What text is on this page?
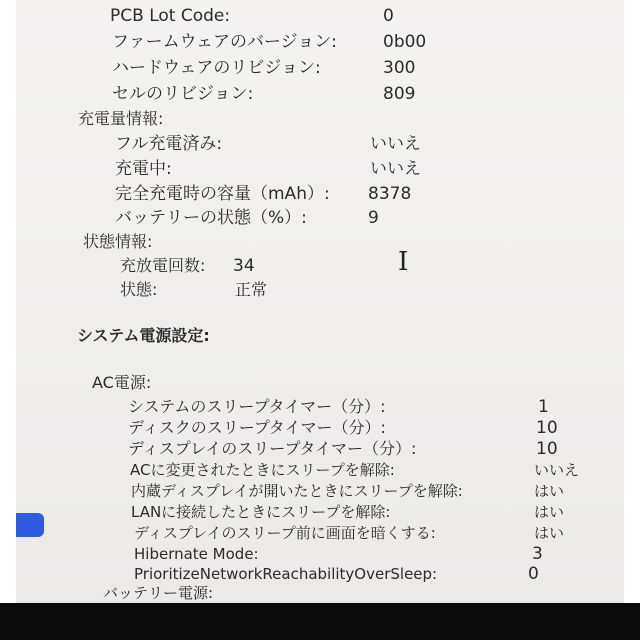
PCB Lot Code:	0
ファームウェアのバージョン:	0b00
ハードウェアのリビジョン:	300
セルのリビジョン:	809
充電量情報:
フル充電済み:	いいえ
充電中:	いいえ
完全充電時の容量（mAh）: 8378
バッテリーの状態（%）:	9
状態情報:
充放電回数: 34
状態:	正常
I
システム電源設定:
AC電源:
システムのスリープタイマー（分）:	1
ディスクのスリープタイマー（分）:	10
ディスプレイのスリープタイマー（分）:	10
ACに変更されたときにスリープを解除:	いいえ
内蔵ディスプレイが開いたときにスリープを解除:	はい
LANに接続したときにスリープを解除:	はい
ディスプレイのスリープ前に画面を暗くする:	はい
Hibernate Mode:	3
PrioritizeNetworkReachabilityOverSleep:	0
バッテリー電源:
